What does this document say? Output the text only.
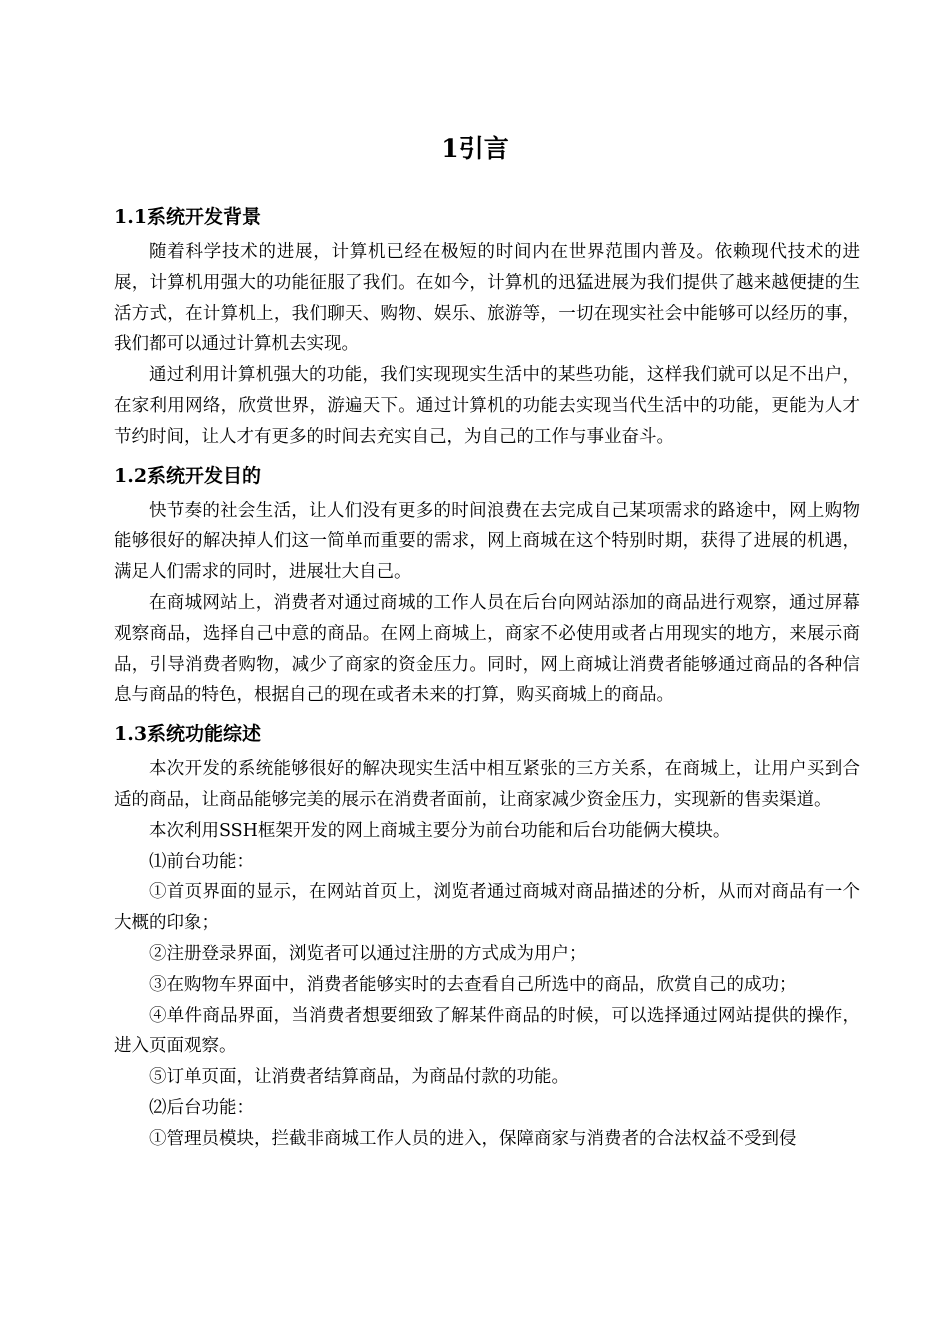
1引言
1.1系统开发背景

随着科学技术的进展，计算机已经在极短的时间内在世界范围内普及。依赖现代技术的进展，计算机用强大的功能征服了我们。在如今，计算机的迅猛进展为我们提供了越来越便捷的生活方式，在计算机上，我们聊天、购物、娱乐、旅游等，一切在现实社会中能够可以经历的事，我们都可以通过计算机去实现。

通过利用计算机强大的功能，我们实现现实生活中的某些功能，这样我们就可以足不出户，在家利用网络，欣赏世界，游遍天下。通过计算机的功能去实现当代生活中的功能，更能为人才节约时间，让人才有更多的时间去充实自己，为自己的工作与事业奋斗。

1.2系统开发目的

快节奏的社会生活，让人们没有更多的时间浪费在去完成自己某项需求的路途中，网上购物能够很好的解决掉人们这一简单而重要的需求，网上商城在这个特别时期，获得了进展的机遇，满足人们需求的同时，进展壮大自己。

在商城网站上，消费者对通过商城的工作人员在后台向网站添加的商品进行观察，通过屏幕观察商品，选择自己中意的商品。在网上商城上，商家不必使用或者占用现实的地方，来展示商品，引导消费者购物，减少了商家的资金压力。同时，网上商城让消费者能够通过商品的各种信息与商品的特色，根据自己的现在或者未来的打算，购买商城上的商品。

1.3系统功能综述

本次开发的系统能够很好的解决现实生活中相互紧张的三方关系，在商城上，让用户买到合适的商品，让商品能够完美的展示在消费者面前，让商家减少资金压力，实现新的售卖渠道。

本次利用SSH框架开发的网上商城主要分为前台功能和后台功能俩大模块。

⑴前台功能：

①首页界面的显示，在网站首页上，浏览者通过商城对商品描述的分析，从而对商品有一个大概的印象；

②注册登录界面，浏览者可以通过注册的方式成为用户；

③在购物车界面中，消费者能够实时的去查看自己所选中的商品，欣赏自己的成功；

④单件商品界面，当消费者想要细致了解某件商品的时候，可以选择通过网站提供的操作，进入页面观察。

⑤订单页面，让消费者结算商品，为商品付款的功能。

⑵后台功能：

①管理员模块，拦截非商城工作人员的进入，保障商家与消费者的合法权益不受到侵
